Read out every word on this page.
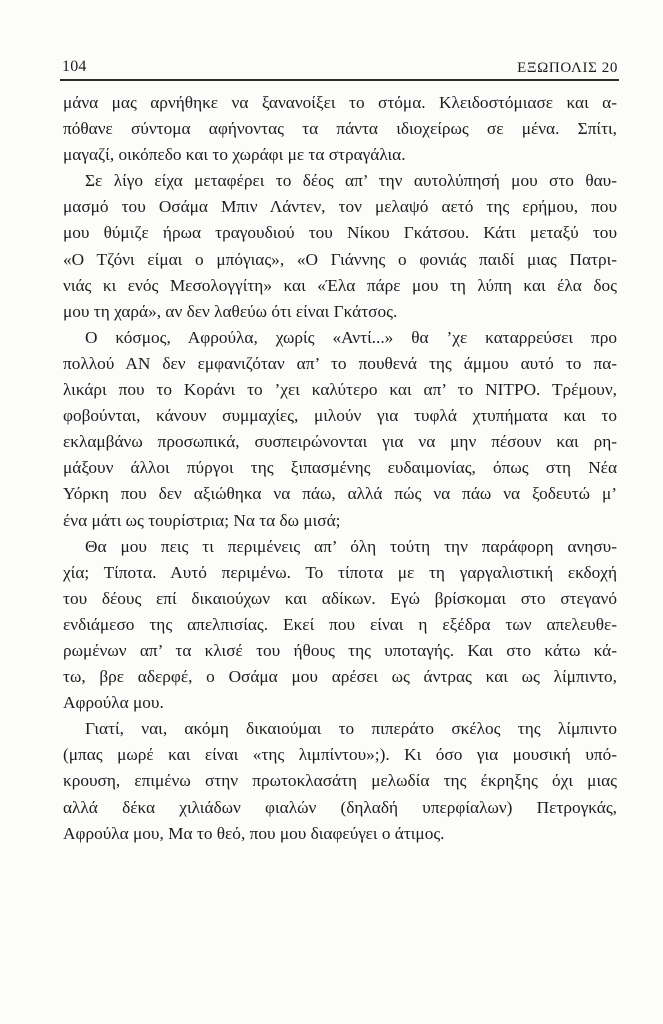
104	ΕΞΩΠΟΛΙΣ 20
μάνα μας αρνήθηκε να ξανανοίξει το στόμα. Κλειδοστόμιασε και α-
πόθανε σύντομα αφήνοντας τα πάντα ιδιοχείρως σε μένα. Σπίτι,
μαγαζί, οικόπεδο και το χωράφι με τα στραγάλια.
Σε λίγο είχα μεταφέρει το δέος απ’ την αυτολύπησή μου στο θαυ-
μασμό του Οσάμα Μπιν Λάντεν, τον μελαψό αετό της ερήμου, που
μου θύμιζε ήρωα τραγουδιού του Νίκου Γκάτσου. Κάτι μεταξύ του
«Ο Τζόνι είμαι ο μπόγιας», «Ο Γιάννης ο φονιάς παιδί μιας Πατρι-
νιάς κι ενός Μεσολογγίτη» και «Έλα πάρε μου τη λύπη και έλα δος
μου τη χαρά», αν δεν λαθεύω ότι είναι Γκάτσος.
Ο κόσμος, Αφρούλα, χωρίς «Αντί...» θα ’χε καταρρεύσει προ
πολλού ΑΝ δεν εμφανιζόταν απ’ το πουθενά της άμμου αυτό το πα-
λικάρι που το Κοράνι το ’χει καλύτερο και απ’ το ΝΙΤΡΟ. Τρέμουν,
φοβούνται, κάνουν συμμαχίες, μιλούν για τυφλά χτυπήματα και το
εκλαμβάνω προσωπικά, συσπειρώνονται για να μην πέσουν και ρη-
μάξουν άλλοι πύργοι της ξιπασμένης ευδαιμονίας, όπως στη Νέα
Υόρκη που δεν αξιώθηκα να πάω, αλλά πώς να πάω να ξοδευτώ μ’
ένα μάτι ως τουρίστρια; Να τα δω μισά;
Θα μου πεις τι περιμένεις απ’ όλη τούτη την παράφορη ανησυ-
χία; Τίποτα. Αυτό περιμένω. Το τίποτα με τη γαργαλιστική εκδοχή
του δέους επί δικαιούχων και αδίκων. Εγώ βρίσκομαι στο στεγανό
ενδιάμεσο της απελπισίας. Εκεί που είναι η εξέδρα των απελευθε-
ρωμένων απ’ τα κλισέ του ήθους της υποταγής. Και στο κάτω κά-
τω, βρε αδερφέ, ο Οσάμα μου αρέσει ως άντρας και ως λίμπιντο,
Αφρούλα μου.
Γιατί, ναι, ακόμη δικαιούμαι το πιπεράτο σκέλος της λίμπιντο
(μπας μωρέ και είναι «της λιμπίντου»;). Κι όσο για μουσική υπό-
κρουση, επιμένω στην πρωτοκλασάτη μελωδία της έκρηξης όχι μιας
αλλά δέκα χιλιάδων φιαλών (δηλαδή υπερφίαλων) Πετρογκάς,
Αφρούλα μου, Μα το θεό, που μου διαφεύγει ο άτιμος.
